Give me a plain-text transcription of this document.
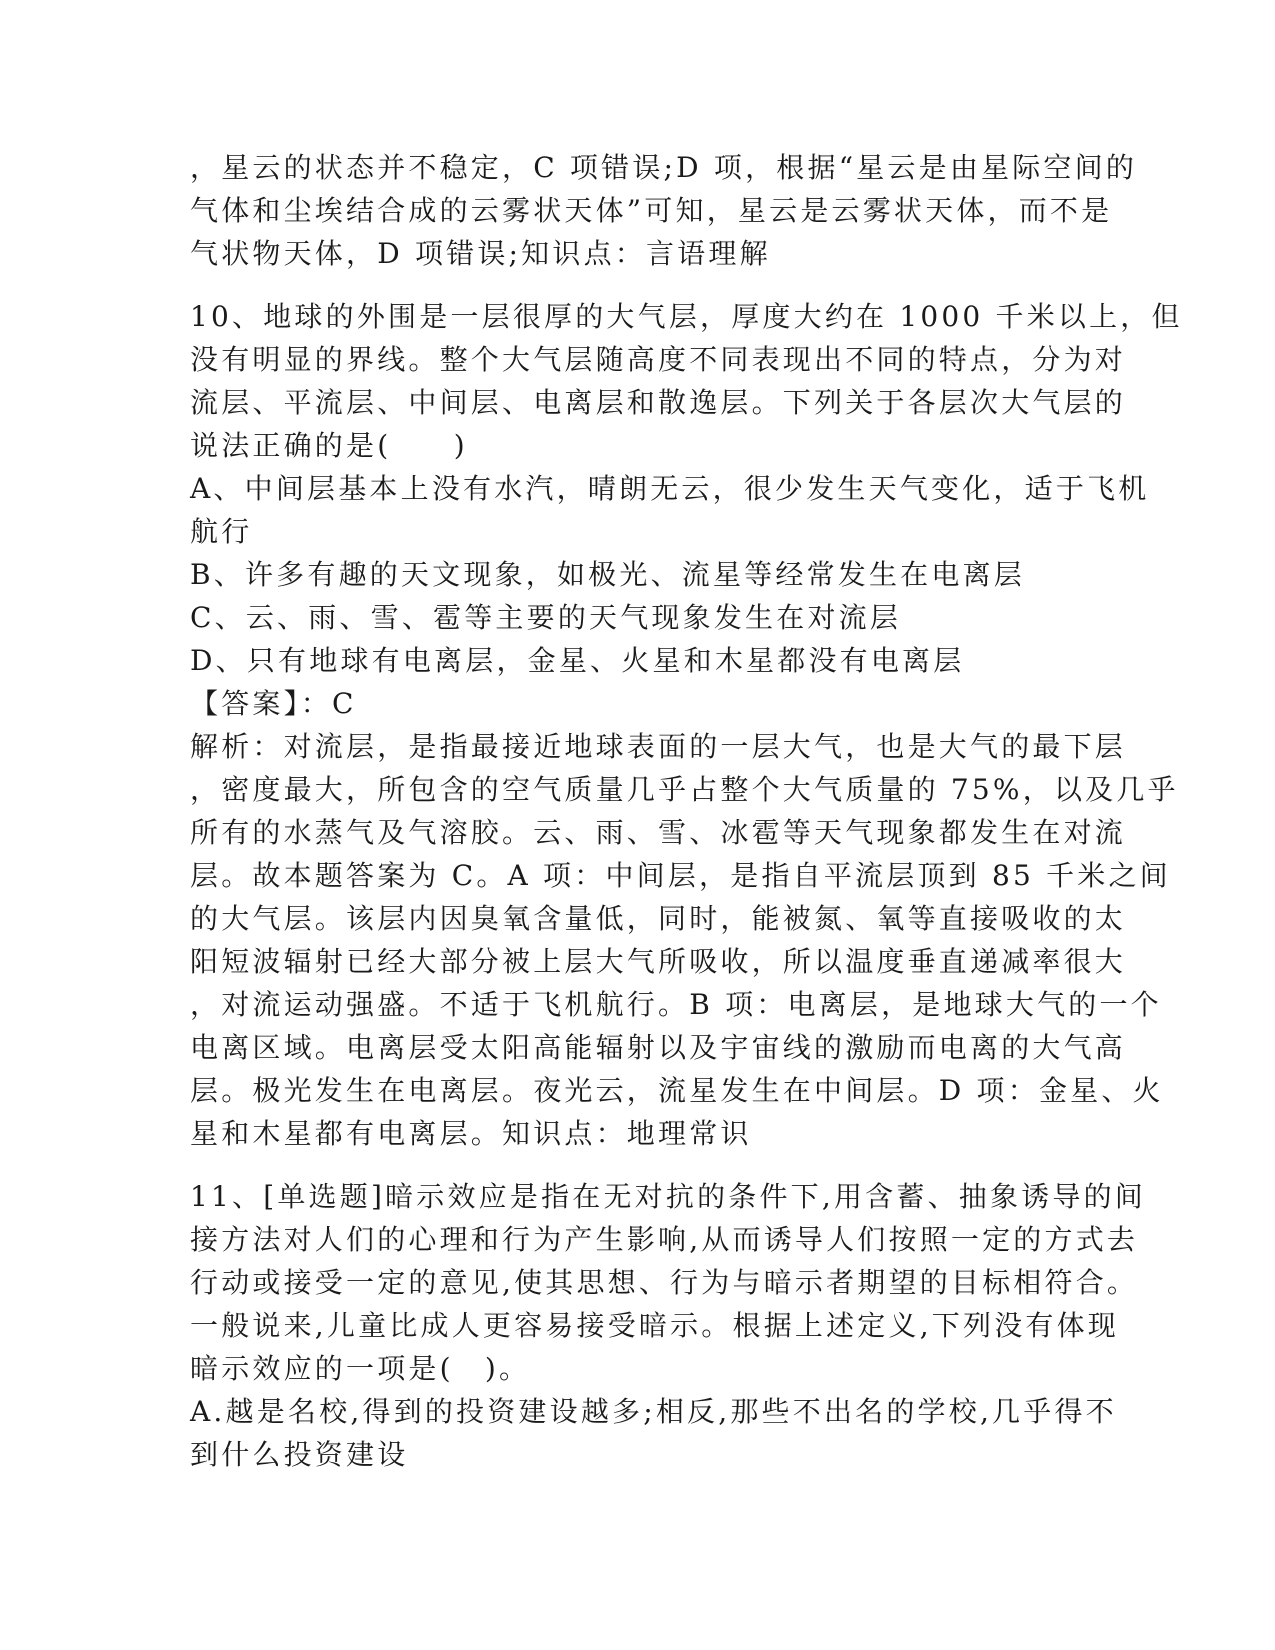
，星云的状态并不稳定，C 项错误;D 项，根据“星云是由星际空间的
气体和尘埃结合成的云雾状天体”可知，星云是云雾状天体，而不是
气状物天体，D 项错误;知识点：言语理解
10、地球的外围是一层很厚的大气层，厚度大约在 1000 千米以上，但
没有明显的界线。整个大气层随高度不同表现出不同的特点，分为对
流层、平流层、中间层、电离层和散逸层。下列关于各层次大气层的
说法正确的是(　　)
A、中间层基本上没有水汽，晴朗无云，很少发生天气变化，适于飞机
航行
B、许多有趣的天文现象，如极光、流星等经常发生在电离层
C、云、雨、雪、雹等主要的天气现象发生在对流层
D、只有地球有电离层，金星、火星和木星都没有电离层
【答案】：C
解析：对流层，是指最接近地球表面的一层大气，也是大气的最下层
，密度最大，所包含的空气质量几乎占整个大气质量的 75%，以及几乎
所有的水蒸气及气溶胶。云、雨、雪、冰雹等天气现象都发生在对流
层。故本题答案为 C。A 项：中间层，是指自平流层顶到 85 千米之间
的大气层。该层内因臭氧含量低，同时，能被氮、氧等直接吸收的太
阳短波辐射已经大部分被上层大气所吸收，所以温度垂直递减率很大
，对流运动强盛。不适于飞机航行。B 项：电离层，是地球大气的一个
电离区域。电离层受太阳高能辐射以及宇宙线的激励而电离的大气高
层。极光发生在电离层。夜光云，流星发生在中间层。D 项：金星、火
星和木星都有电离层。知识点：地理常识
11、[单选题]暗示效应是指在无对抗的条件下,用含蓄、抽象诱导的间
接方法对人们的心理和行为产生影响,从而诱导人们按照一定的方式去
行动或接受一定的意见,使其思想、行为与暗示者期望的目标相符合。
一般说来,儿童比成人更容易接受暗示。根据上述定义,下列没有体现
暗示效应的一项是(　)。
A.越是名校,得到的投资建设越多;相反,那些不出名的学校,几乎得不
到什么投资建设
